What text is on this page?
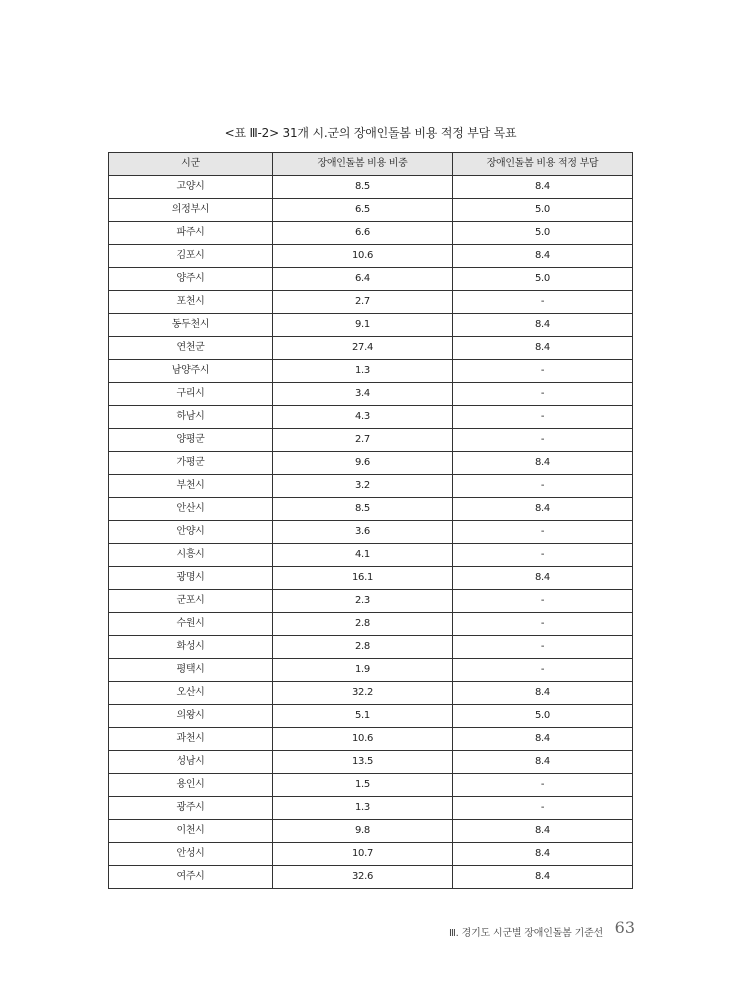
<표 Ⅲ-2> 31개 시.군의 장애인돌봄 비용 적정 부담 목표
시군	장애인돌봄 비용 비중	장애인돌봄 비용 적정 부담
고양시	8.5	8.4
의정부시	6.5	5.0
파주시	6.6	5.0
김포시	10.6	8.4
양주시	6.4	5.0
포천시	2.7	-
동두천시	9.1	8.4
연천군	27.4	8.4
남양주시	1.3	-
구리시	3.4	-
하남시	4.3	-
양평군	2.7	-
가평군	9.6	8.4
부천시	3.2	-
안산시	8.5	8.4
안양시	3.6	-
시흥시	4.1	-
광명시	16.1	8.4
군포시	2.3	-
수원시	2.8	-
화성시	2.8	-
평택시	1.9	-
오산시	32.2	8.4
의왕시	5.1	5.0
과천시	10.6	8.4
성남시	13.5	8.4
용인시	1.5	-
광주시	1.3	-
이천시	9.8	8.4
안성시	10.7	8.4
여주시	32.6	8.4
Ⅲ. 경기도 시군별 장애인돌봄 기준선 63
